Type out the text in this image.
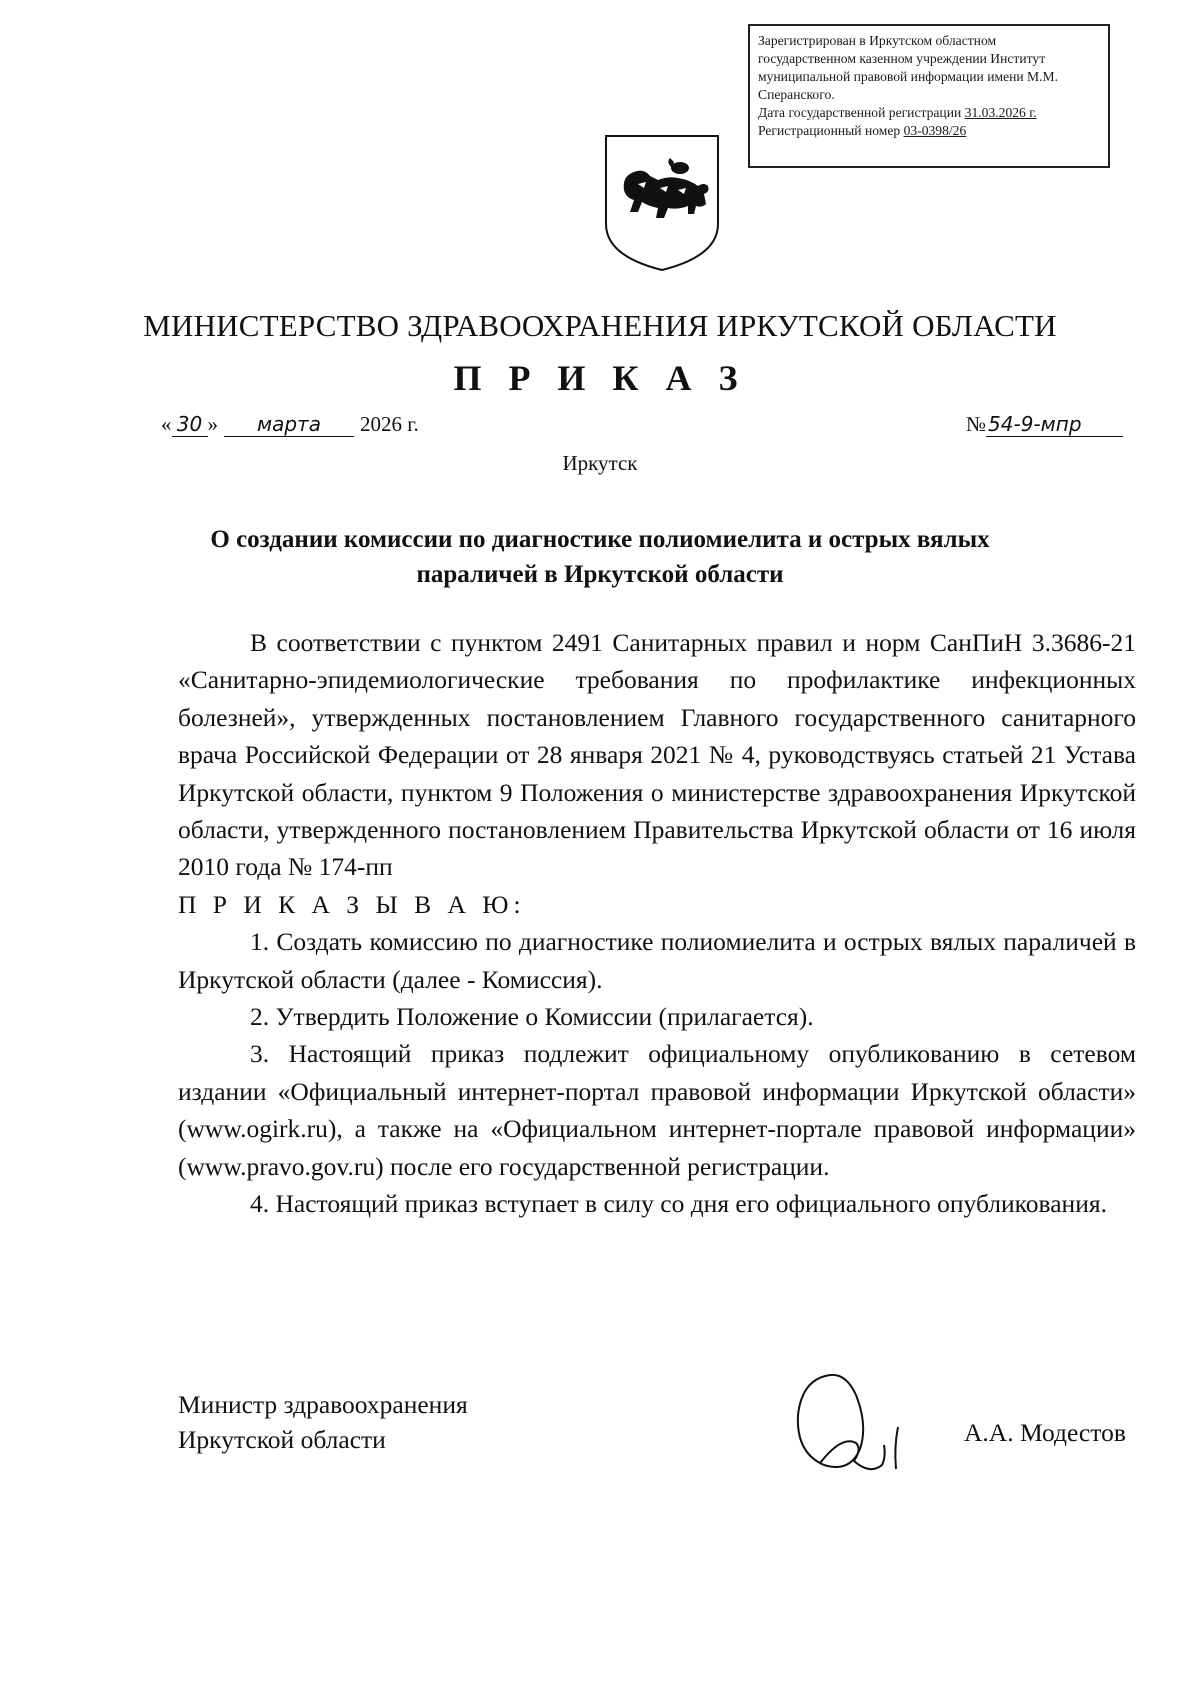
Зарегистрирован в Иркутском областном
государственном казенном учреждении Институт
муниципальной правовой информации имени М.М.
Сперанского.
Дата государственной регистрации 31.03.2026 г.
Регистрационный номер 03-0398/26
МИНИСТЕРСТВО ЗДРАВООХРАНЕНИЯ ИРКУТСКОЙ ОБЛАСТИ
П Р И К А З
« 30 » марта 2026 г.	№ 54-9-мпр
Иркутск
О создании комиссии по диагностике полиомиелита и острых вялых
параличей в Иркутской области

В соответствии с пунктом 2491 Санитарных правил и норм СанПиН 3.3686-21 «Санитарно-эпидемиологические требования по профилактике инфекционных болезней», утвержденных постановлением Главного государственного санитарного врача Российской Федерации от 28 января 2021 № 4, руководствуясь статьей 21 Устава Иркутской области, пунктом 9 Положения о министерстве здравоохранения Иркутской области, утвержденного постановлением Правительства Иркутской области от 16 июля 2010 года № 174-пп

П Р И К А З Ы В А Ю:

1. Создать комиссию по диагностике полиомиелита и острых вялых параличей в Иркутской области (далее - Комиссия).

2. Утвердить Положение о Комиссии (прилагается).

3. Настоящий приказ подлежит официальному опубликованию в сетевом издании «Официальный интернет-портал правовой информации Иркутской области» (www.ogirk.ru), а также на «Официальном интернет-портале правовой информации» (www.pravo.gov.ru) после его государственной регистрации.

4. Настоящий приказ вступает в силу со дня его официального опубликования.

Министр здравоохранения
Иркутской области	А.А. Модестов
